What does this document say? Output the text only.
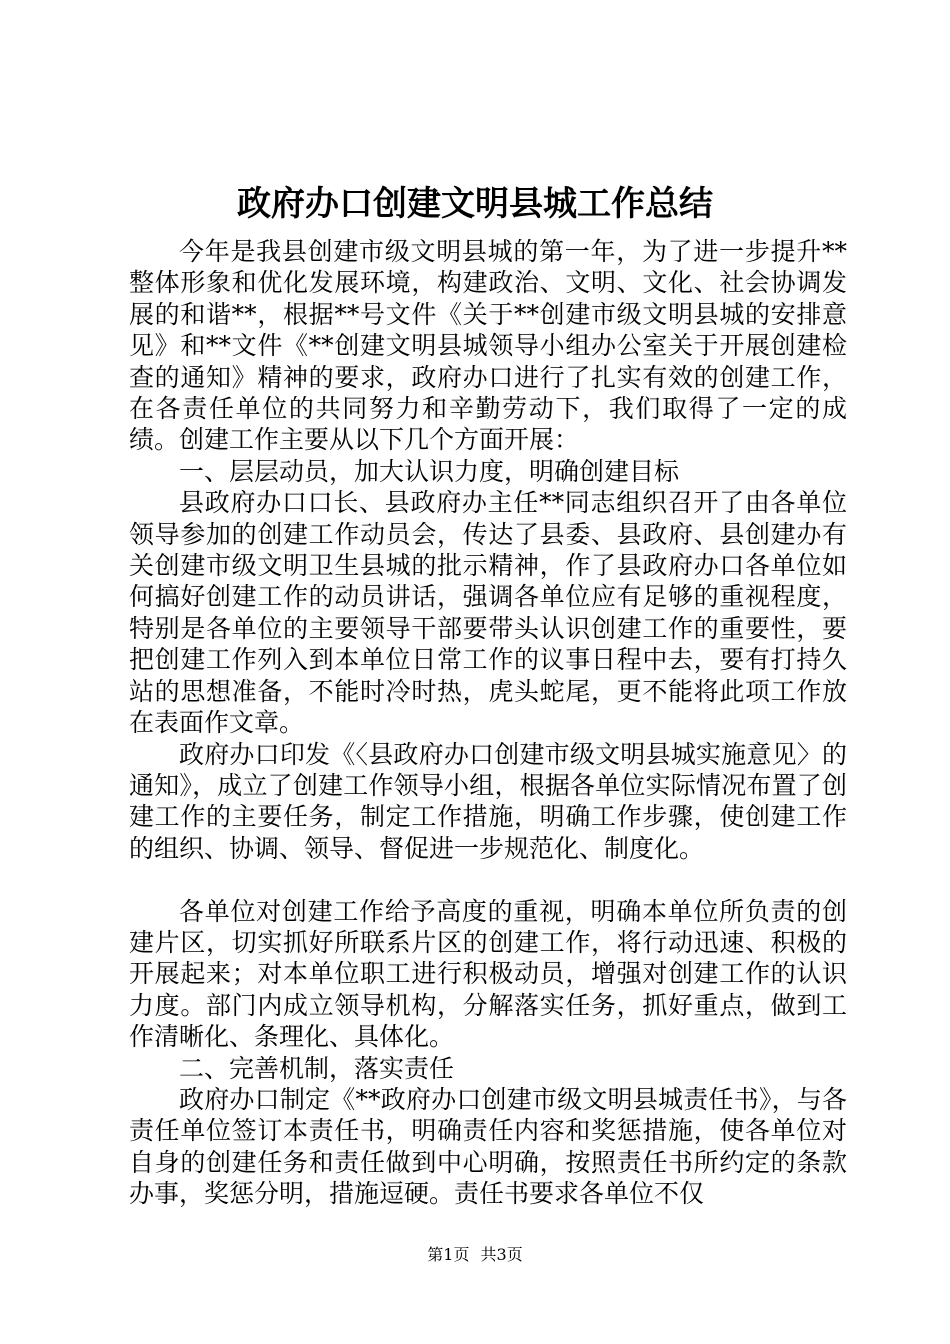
政府办口创建文明县城工作总结

今年是我县创建市级文明县城的第一年，为了进一步提升**整体形象和优化发展环境，构建政治、文明、文化、社会协调发展的和谐**，根据**号文件《关于**创建市级文明县城的安排意见》和**文件《**创建文明县城领导小组办公室关于开展创建检查的通知》精神的要求，政府办口进行了扎实有效的创建工作，在各责任单位的共同努力和辛勤劳动下，我们取得了一定的成绩。创建工作主要从以下几个方面开展：

一、层层动员，加大认识力度，明确创建目标

县政府办口口长、县政府办主任**同志组织召开了由各单位领导参加的创建工作动员会，传达了县委、县政府、县创建办有关创建市级文明卫生县城的批示精神，作了县政府办口各单位如何搞好创建工作的动员讲话，强调各单位应有足够的重视程度，特别是各单位的主要领导干部要带头认识创建工作的重要性，要把创建工作列入到本单位日常工作的议事日程中去，要有打持久站的思想准备，不能时冷时热，虎头蛇尾，更不能将此项工作放在表面作文章。

政府办口印发《〈县政府办口创建市级文明县城实施意见〉的通知》，成立了创建工作领导小组，根据各单位实际情况布置了创建工作的主要任务，制定工作措施，明确工作步骤，使创建工作的组织、协调、领导、督促进一步规范化、制度化。

各单位对创建工作给予高度的重视，明确本单位所负责的创建片区，切实抓好所联系片区的创建工作，将行动迅速、积极的开展起来；对本单位职工进行积极动员，增强对创建工作的认识力度。部门内成立领导机构，分解落实任务，抓好重点，做到工作清晰化、条理化、具体化。

二、完善机制，落实责任

政府办口制定《**政府办口创建市级文明县城责任书》，与各责任单位签订本责任书，明确责任内容和奖惩措施，使各单位对自身的创建任务和责任做到中心明确，按照责任书所约定的条款办事，奖惩分明，措施逗硬。责任书要求各单位不仅

第1页 共3页
